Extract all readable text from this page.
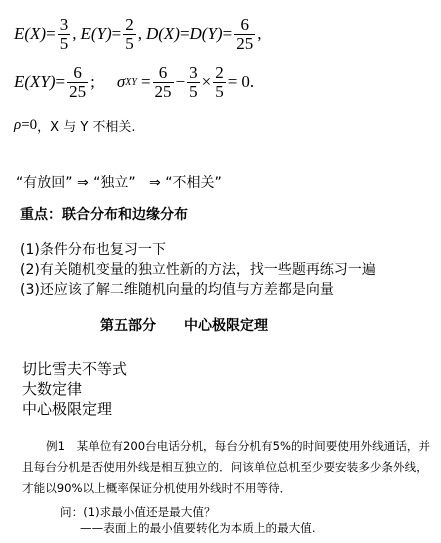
$E(X) = \frac{3}{5}$ , $E(Y) = \frac{2}{5}$ , $D(X) = D(Y) = \frac{6}{25}$ ,
$E(XY) = \frac{6}{25}$ ; σ XY = $\frac{6}{25} - \frac{3}{5} \times \frac{2}{5} = 0$.
ρ = 0 ，X 与 Y 不相关.
“有放回” ⇒ “独立” ⇒ “不相关”
重点：联合分布和边缘分布
(1)条件分布也复习一下
(2)有关随机变量的独立性新的方法，找一些题再练习一遍
(3)还应该了解二维随机向量的均值与方差都是向量
第五部分　　中心极限定理
切比雪夫不等式
大数定律
中心极限定理
例1　某单位有200台电话分机，每台分机有5%的时间要使用外线通话，并且每台分机是否使用外线是相互独立的．问该单位总机至少要安装多少条外线，才能以90%以上概率保证分机使用外线时不用等待．
问：(1)求最小值还是最大值？
——表面上的最小值要转化为本质上的最大值.
